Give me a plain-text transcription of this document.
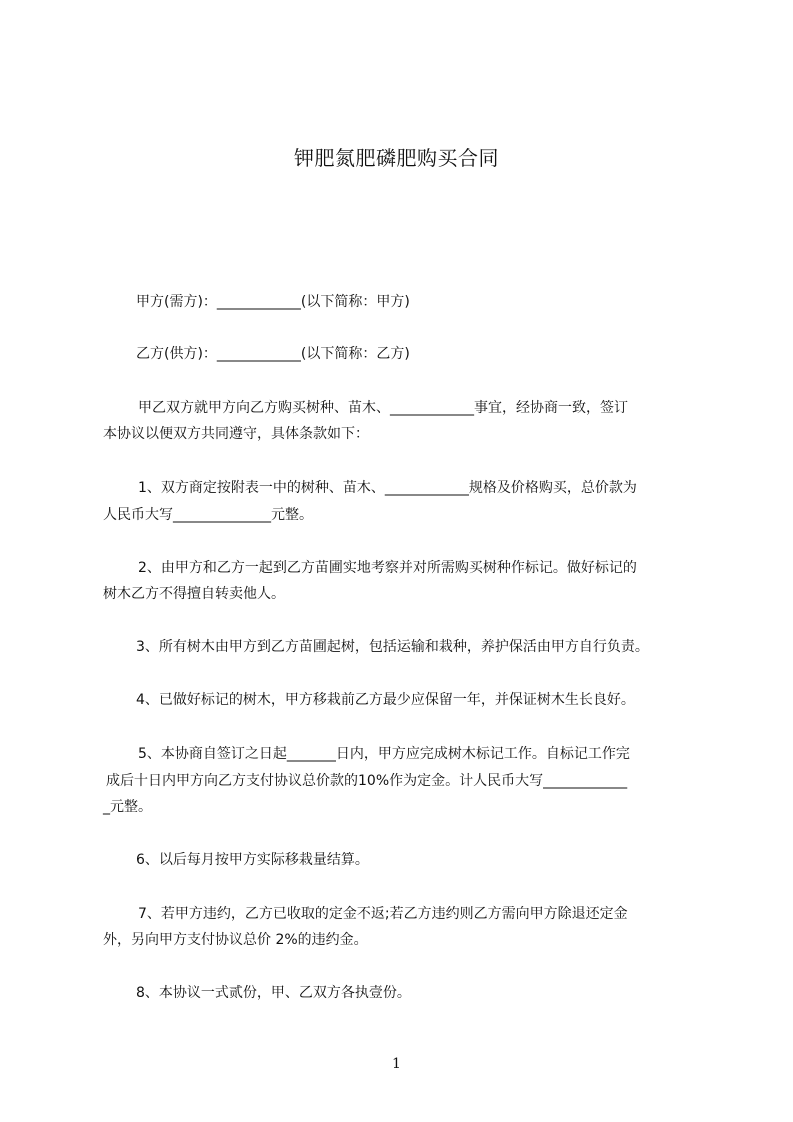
钾肥氮肥磷肥购买合同
甲方(需方)：____________(以下简称：甲方)
乙方(供方)：____________(以下简称：乙方)
甲乙双方就甲方向乙方购买树种、苗木、____________事宜，经协商一致，签订
本协议以便双方共同遵守，具体条款如下：
1、双方商定按附表一中的树种、苗木、____________规格及价格购买，总价款为
人民币大写______________元整。
2、由甲方和乙方一起到乙方苗圃实地考察并对所需购买树种作标记。做好标记的
树木乙方不得擅自转卖他人。
3、所有树木由甲方到乙方苗圃起树，包括运输和栽种，养护保活由甲方自行负责。
4、已做好标记的树木，甲方移栽前乙方最少应保留一年，并保证树木生长良好。
5、本协商自签订之日起_______日内，甲方应完成树木标记工作。自标记工作完
成后十日内甲方向乙方支付协议总价款的10%作为定金。计人民币大写____________
_元整。
6、以后每月按甲方实际移栽量结算。
7、若甲方违约，乙方已收取的定金不返;若乙方违约则乙方需向甲方除退还定金
外，另向甲方支付协议总价 2%的违约金。
8、本协议一式贰份，甲、乙双方各执壹份。
1
